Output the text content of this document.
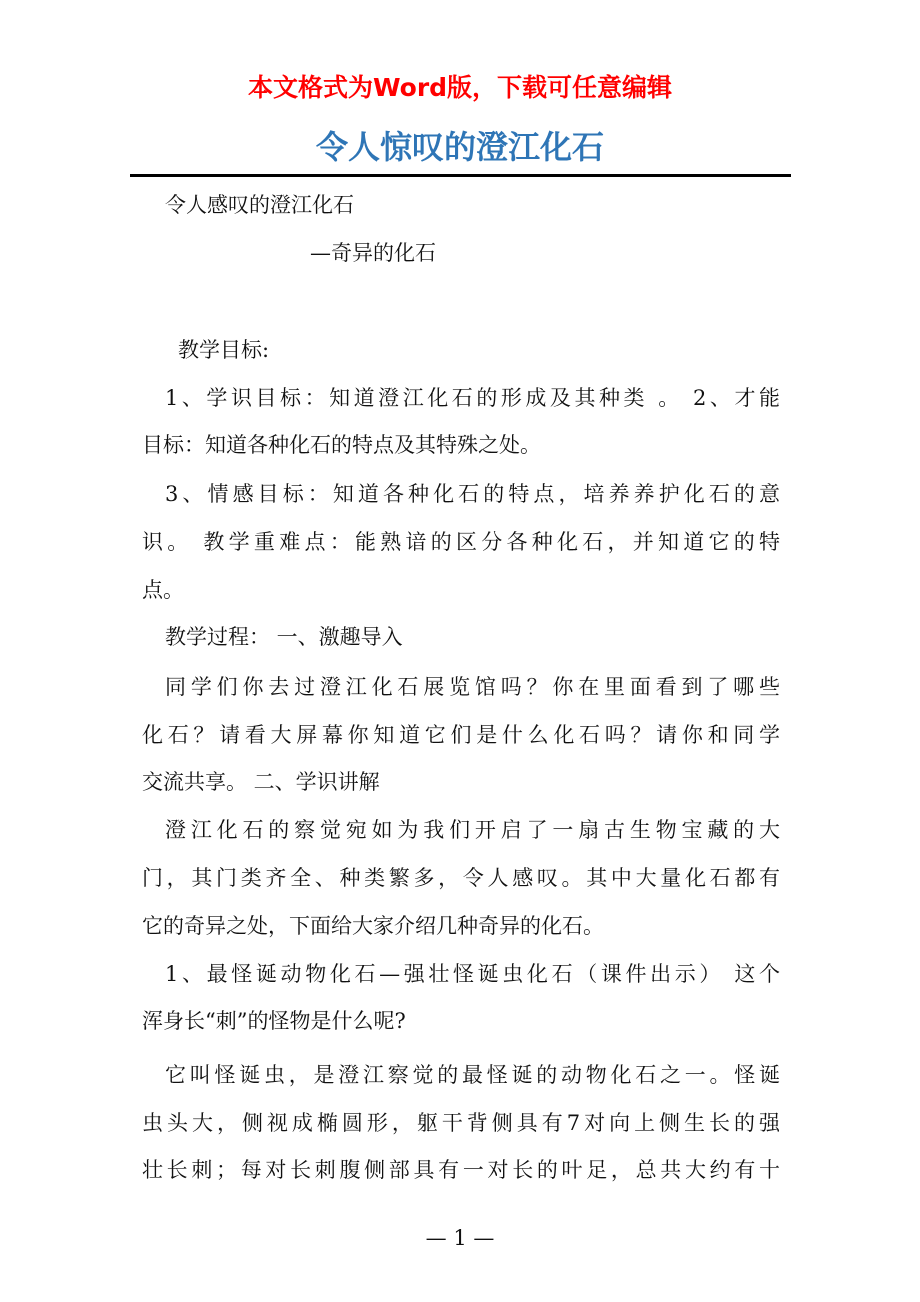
本文格式为Word版，下载可任意编辑
令人惊叹的澄江化石
令人感叹的澄江化石
—奇异的化石
教学目标:
1、学识目标：知道澄江化石的形成及其种类 。 2、才能
目标：知道各种化石的特点及其特殊之处。
3、情感目标：知道各种化石的特点，培养养护化石的意
识。 教学重难点：能熟谙的区分各种化石，并知道它的特
点。
教学过程： 一、激趣导入
同学们你去过澄江化石展览馆吗？你在里面看到了哪些
化石？请看大屏幕你知道它们是什么化石吗？请你和同学
交流共享。 二、学识讲解
澄江化石的察觉宛如为我们开启了一扇古生物宝藏的大
门，其门类齐全、种类繁多，令人感叹。其中大量化石都有
它的奇异之处，下面给大家介绍几种奇异的化石。
1、最怪诞动物化石—强壮怪诞虫化石（课件出示） 这个
浑身长“刺”的怪物是什么呢?
它叫怪诞虫，是澄江察觉的最怪诞的动物化石之一。怪诞
虫头大，侧视成椭圆形，躯干背侧具有7对向上侧生长的强
壮长刺；每对长刺腹侧部具有一对长的叶足，总共大约有十
— 1 —
